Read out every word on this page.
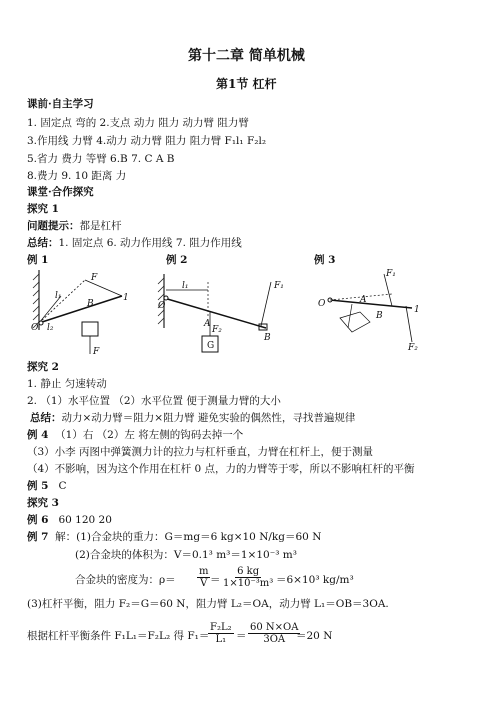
第十二章 简单机械
第1节 杠杆
课前·自主学习
1. 固定点 弯的 2.支点 动力 阻力 动力臂 阻力臂
3.作用线 力臂 4.动力 动力臂 阻力 阻力臂 F₁l₁ F₂l₂
5.省力 费力 等臂 6.B 7. C A B
8.费力 9. 10 距离 力
课堂·合作探究
探究 1
问题提示：都是杠杆
总结：1. 固定点 6. 动力作用线 7. 阻力作用线
例 1	例 2	例 3
F
l₁
B
1
O l₂
F
l₁	F₁
O
A
F₂
B
G
F₁
O	A
B
1
F₂
探究 2
1. 静止 匀速转动
2. （1）水平位置 （2）水平位置 便于测量力臂的大小
总结：动力×动力臂＝阻力×阻力臂 避免实验的偶然性，寻找普遍规律
例 4 （1）右 （2）左 将左侧的钩码去掉一个
（3）小李 丙图中弹簧测力计的拉力与杠杆垂直，力臂在杠杆上，便于测量
（4）不影响，因为这个作用在杠杆 0 点，力的力臂等于零，所以不影响杠杆的平衡
例 5 C
探究 3
例 6 60 120 20
例 7 解：(1)合金块的重力：G＝mg＝6 kg×10 N/kg＝60 N
(2)合金块的体积为：V＝0.1³ m³＝1×10⁻³ m³
合金块的密度为：$\rho= \frac{m}{V} = \frac{6 kg}{\text{1×10⁻³m³}} =6\times 10^3$ kg/m³
(3)杠杆平衡，阻力 F₂＝G＝60 N，阻力臂 L₂＝OA，动力臂 L₁＝OB＝3OA.
根据杠杆平衡条件 F₁L₁＝F₂L₂ 得 F₁＝
$\frac{\text{F₂L₂}}{\text{L₁}} = \frac{60 N\times OA}{3OA}$
＝20 N
